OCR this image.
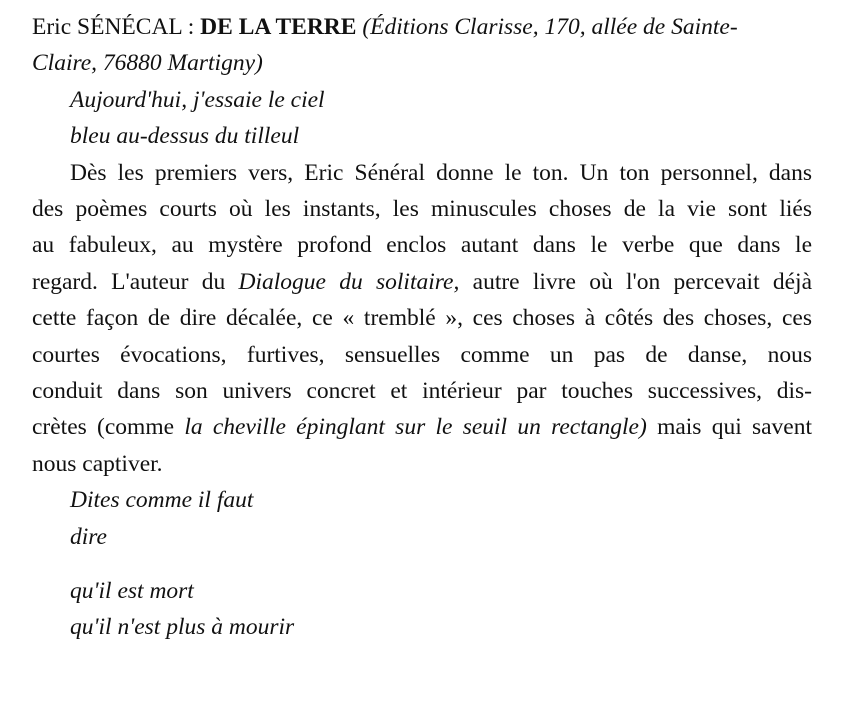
Eric SÉNÉCAL : DE LA TERRE (Éditions Clarisse, 170, allée de Sainte-
Claire, 76880 Martigny)
Aujourd'hui, j'essaie le ciel
bleu au-dessus du tilleul
Dès les premiers vers, Eric Sénéral donne le ton. Un ton personnel, dans
des poèmes courts où les instants, les minuscules choses de la vie sont liés
au fabuleux, au mystère profond enclos autant dans le verbe que dans le
regard. L'auteur du Dialogue du solitaire, autre livre où l'on percevait déjà
cette façon de dire décalée, ce « tremblé », ces choses à côtés des choses, ces
courtes évocations, furtives, sensuelles comme un pas de danse, nous
conduit dans son univers concret et intérieur par touches successives, dis-
crètes (comme la cheville épinglant sur le seuil un rectangle) mais qui savent
nous captiver.
Dites comme il faut
dire
qu'il est mort
qu'il n'est plus à mourir
